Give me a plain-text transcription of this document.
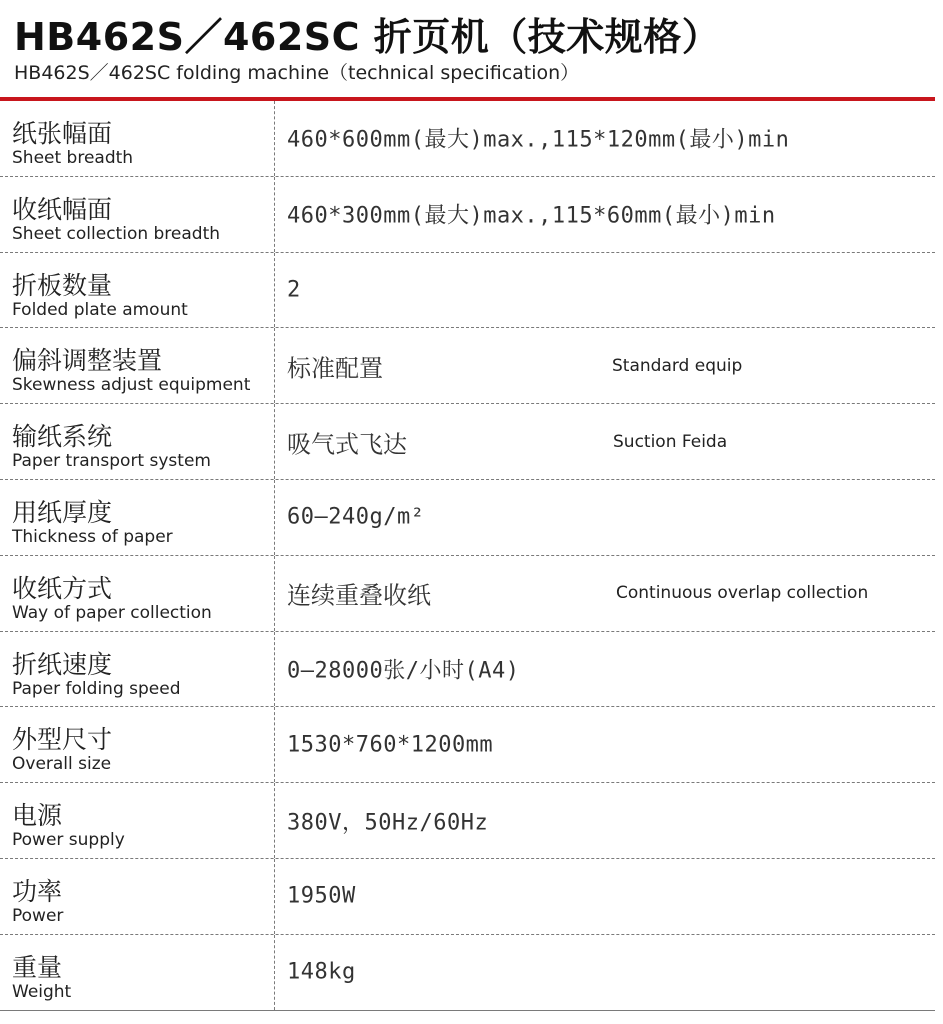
HB462S／462SC 折页机（技术规格）
HB462S／462SC folding machine（technical specification）
纸张幅面
Sheet breadth
460*600mm(最大)max.,115*120mm(最小)min
收纸幅面
Sheet collection breadth
460*300mm(最大)max.,115*60mm(最小)min
折板数量
Folded plate amount
2
偏斜调整装置
Skewness adjust equipment
标准配置	Standard equip
输纸系统
Paper transport system
吸气式飞达	Suction Feida
用纸厚度
Thickness of paper
60—240g/m²
收纸方式
Way of paper collection
连续重叠收纸	Continuous overlap collection
折纸速度
Paper folding speed
0—28000张/小时(A4)
外型尺寸
Overall size
1530*760*1200mm
电源
Power supply
380V，50Hz/60Hz
功率
Power
1950W
重量
Weight
148kg
